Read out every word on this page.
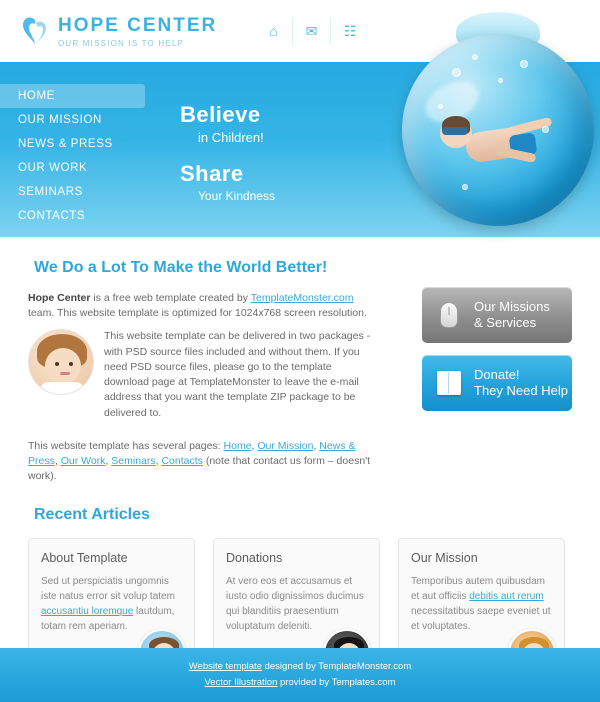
HOPE CENTER
OUR MISSION IS TO HELP
⌂	✉	☷
HOME
OUR MISSION
NEWS & PRESS
OUR WORK
SEMINARS
CONTACTS
Believe
in Children!
Share
Your Kindness
We Do a Lot To Make the World Better!

Hope Center is a free web template created by TemplateMonster.com team. This website template is optimized for 1024x768 screen resolution.

This website template can be delivered in two packages - with PSD source files included and without them. If you need PSD source files, please go to the template download page at TemplateMonster to leave the e-mail address that you want the template ZIP package to be delivered to.

This website template has several pages: Home, Our Mission, News & Press, Our Work, Seminars, Contacts (note that contact us form – doesn't work).

Our Missions
& Services
Donate!
They Need Help
Recent Articles
About Template

Sed ut perspiciatis ungomnis iste natus error sit volup tatem accusantiu loremque lautdum, totam rem aperiam.

Donations

At vero eos et accusamus et iusto odio dignissimos ducimus qui blanditiis praesentium voluptatum deleniti.

Our Mission

Temporibus autem quibusdam et aut officiis debitis aut rerum necessitatibus saepe eveniet ut et voluptates.

Website template designed by TemplateMonster.com
Vector Illustration provided by Templates.com
